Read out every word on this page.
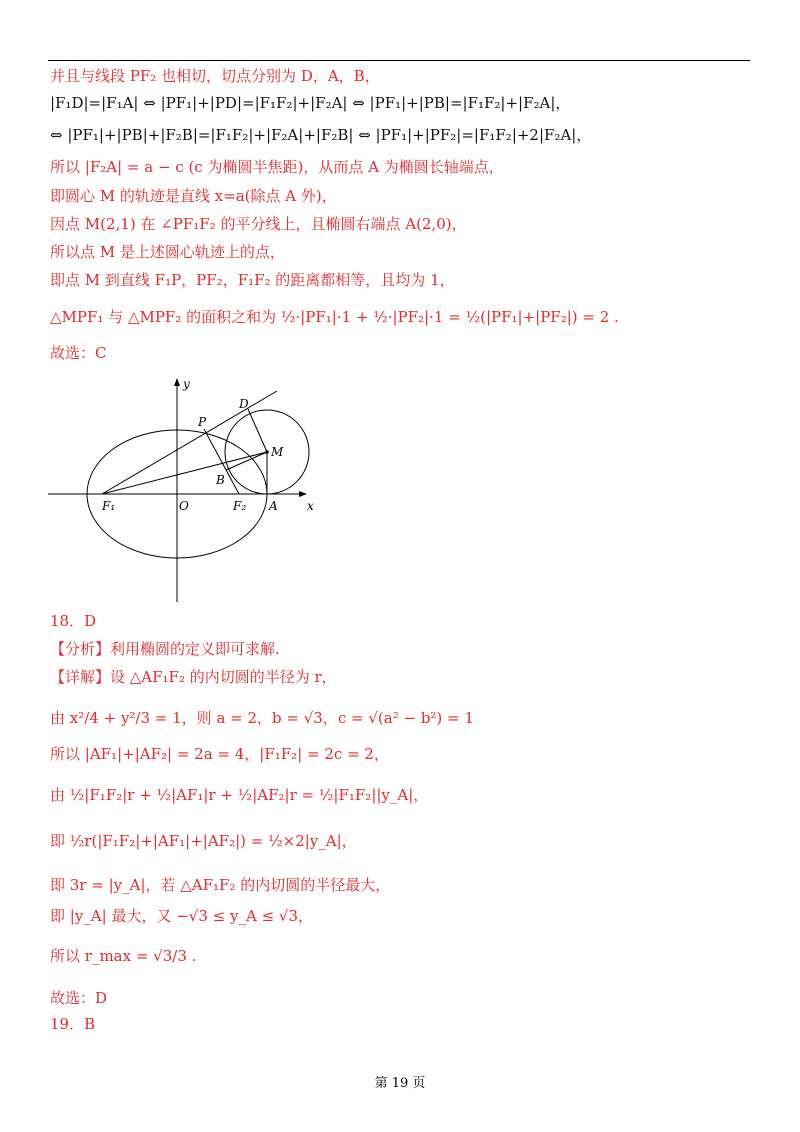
并且与线段 PF₂ 也相切，切点分别为 D，A，B，
|F₁D|=|F₁A| ⇔ |PF₁|+|PD|=|F₁F₂|+|F₂A| ⇔ |PF₁|+|PB|=|F₁F₂|+|F₂A|，
⇔ |PF₁|+|PB|+|F₂B|=|F₁F₂|+|F₂A|+|F₂B| ⇔ |PF₁|+|PF₂|=|F₁F₂|+2|F₂A|，
所以 |F₂A| = a − c (c 为椭圆半焦距)，从而点 A 为椭圆长轴端点，
即圆心 M 的轨迹是直线 x=a(除点 A 外)，
因点 M(2,1) 在 ∠PF₁F₂ 的平分线上，且椭圆右端点 A(2,0)，
所以点 M 是上述圆心轨迹上的点，
即点 M 到直线 F₁P，PF₂，F₁F₂ 的距离都相等，且均为 1，
△MPF₁ 与 △MPF₂ 的面积之和为 ½·|PF₁|·1 + ½·|PF₂|·1 = ½(|PF₁|+|PF₂|) = 2 .
故选：C
y
x
P
D
M
B
F₁	O	F₂ A
18．D
【分析】利用椭圆的定义即可求解.
【详解】设 △AF₁F₂ 的内切圆的半径为 r，
由 x²/4 + y²/3 = 1，则 a = 2，b = √3，c = √(a² − b²) = 1
所以 |AF₁|+|AF₂| = 2a = 4，|F₁F₂| = 2c = 2，
由 ½|F₁F₂|r + ½|AF₁|r + ½|AF₂|r = ½|F₁F₂||y_A|，
即 ½r(|F₁F₂|+|AF₁|+|AF₂|) = ½×2|y_A|，
即 3r = |y_A|，若 △AF₁F₂ 的内切圆的半径最大，
即 |y_A| 最大，又 −√3 ≤ y_A ≤ √3，
所以 r_max = √3/3 .
故选：D
19．B
第 19 页
